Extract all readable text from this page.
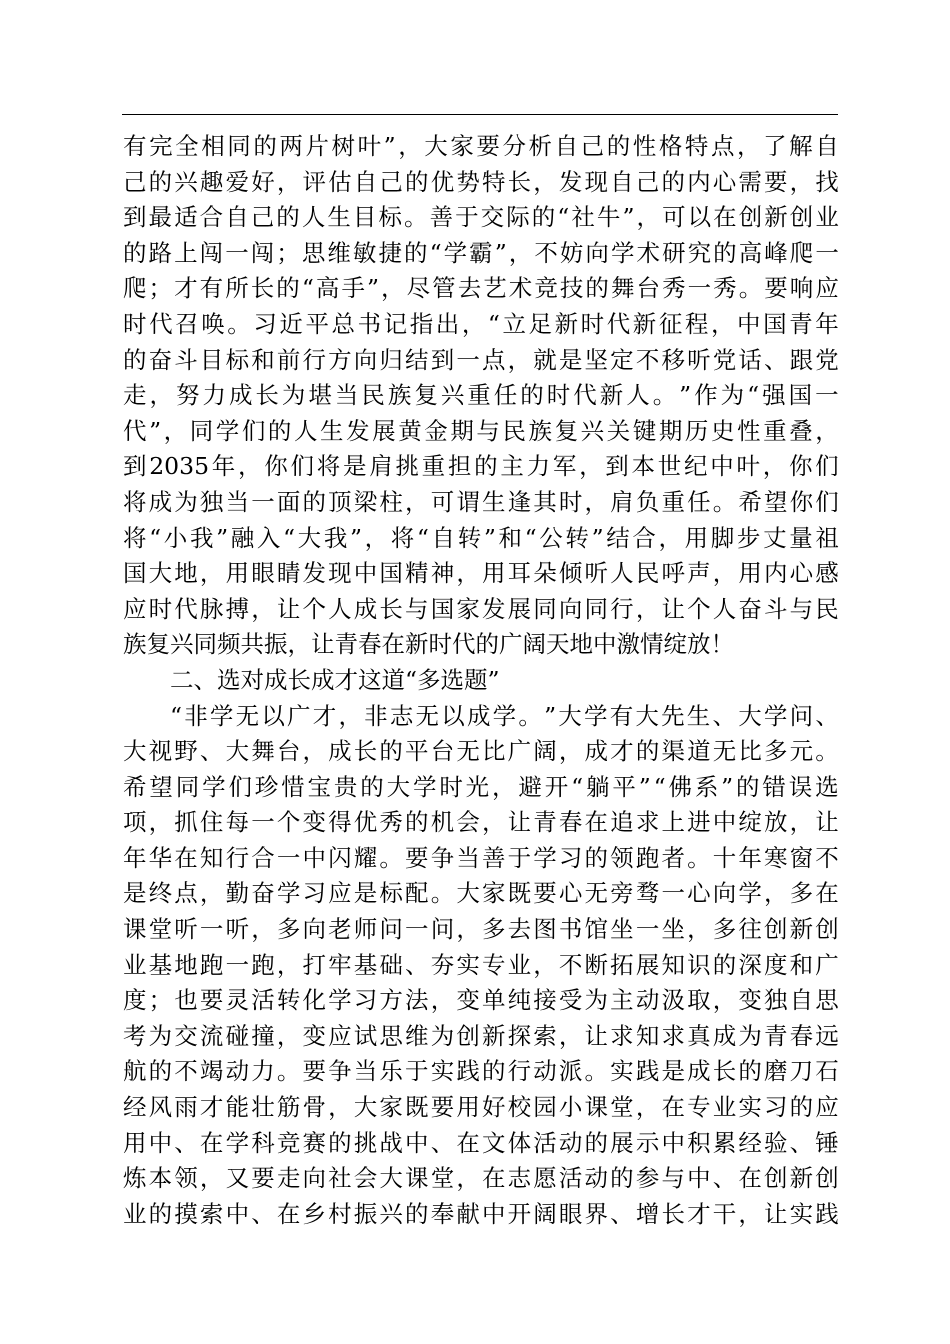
有 完 全 相 同 的 两 片 树 叶 ” ， 大 家 要 分 析 自 己 的 性 格 特 点 ， 了 解 自
己 的 兴 趣 爱 好 ， 评 估 自 己 的 优 势 特 长 ， 发 现 自 己 的 内 心 需 要 ， 找
到 最 适 合 自 己 的 人 生 目 标 。 善 于 交 际 的 “ 社 牛 ” ， 可 以 在 创 新 创 业
的 路 上 闯 一 闯 ； 思 维 敏 捷 的 “ 学 霸 ” ， 不 妨 向 学 术 研 究 的 高 峰 爬 一
爬 ； 才 有 所 长 的 “ 高 手 ” ， 尽 管 去 艺 术 竞 技 的 舞 台 秀 一 秀 。 要 响 应
时 代 召 唤 。 习 近 平 总 书 记 指 出 ， “ 立 足 新 时 代 新 征 程 ， 中 国 青 年
的 奋 斗 目 标 和 前 行 方 向 归 结 到 一 点 ， 就 是 坚 定 不 移 听 党 话 、 跟 党
走 ， 努 力 成 长 为 堪 当 民 族 复 兴 重 任 的 时 代 新 人 。 ” 作 为 “ 强 国 一
代 ” ， 同 学 们 的 人 生 发 展 黄 金 期 与 民 族 复 兴 关 键 期 历 史 性 重 叠 ，
到 2035 年 ， 你 们 将 是 肩 挑 重 担 的 主 力 军 ， 到 本 世 纪 中 叶 ， 你 们
将 成 为 独 当 一 面 的 顶 梁 柱 ， 可 谓 生 逢 其 时 ， 肩 负 重 任 。 希 望 你 们
将 “ 小 我 ” 融 入 “ 大 我 ” ， 将 “ 自 转 ” 和 “ 公 转 ” 结 合 ， 用 脚 步 丈 量 祖
国 大 地 ， 用 眼 睛 发 现 中 国 精 神 ， 用 耳 朵 倾 听 人 民 呼 声 ， 用 内 心 感
应 时 代 脉 搏 ， 让 个 人 成 长 与 国 家 发 展 同 向 同 行 ， 让 个 人 奋 斗 与 民
族复兴同频共振，让青春在新时代的广阔天地中激情绽放！
二、选对成长成才这道“多选题”
“ 非 学 无 以 广 才 ， 非 志 无 以 成 学 。 ” 大 学 有 大 先 生 、 大 学 问 、
大 视 野 、 大 舞 台 ， 成 长 的 平 台 无 比 广 阔 ， 成 才 的 渠 道 无 比 多 元 。
希 望 同 学 们 珍 惜 宝 贵 的 大 学 时 光 ， 避 开 “ 躺 平 ” “ 佛 系 ” 的 错 误 选
项 ， 抓 住 每 一 个 变 得 优 秀 的 机 会 ， 让 青 春 在 追 求 上 进 中 绽 放 ， 让
年 华 在 知 行 合 一 中 闪 耀 。 要 争 当 善 于 学 习 的 领 跑 者 。 十 年 寒 窗 不
是 终 点 ， 勤 奋 学 习 应 是 标 配 。 大 家 既 要 心 无 旁 骛 一 心 向 学 ， 多 在
课 堂 听 一 听 ， 多 向 老 师 问 一 问 ， 多 去 图 书 馆 坐 一 坐 ， 多 往 创 新 创
业 基 地 跑 一 跑 ， 打 牢 基 础 、 夯 实 专 业 ， 不 断 拓 展 知 识 的 深 度 和 广
度 ； 也 要 灵 活 转 化 学 习 方 法 ， 变 单 纯 接 受 为 主 动 汲 取 ， 变 独 自 思
考 为 交 流 碰 撞 ， 变 应 试 思 维 为 创 新 探 索 ， 让 求 知 求 真 成 为 青 春 远
航 的 不 竭 动 力 。 要 争 当 乐 于 实 践 的 行 动 派 。 实 践 是 成 长 的 磨 刀 石
经 风 雨 才 能 壮 筋 骨 ， 大 家 既 要 用 好 校 园 小 课 堂 ， 在 专 业 实 习 的 应
用 中 、 在 学 科 竞 赛 的 挑 战 中 、 在 文 体 活 动 的 展 示 中 积 累 经 验 、 锤
炼 本 领 ， 又 要 走 向 社 会 大 课 堂 ， 在 志 愿 活 动 的 参 与 中 、 在 创 新 创
业 的 摸 索 中 、 在 乡 村 振 兴 的 奉 献 中 开 阔 眼 界 、 增 长 才 干 ， 让 实 践
